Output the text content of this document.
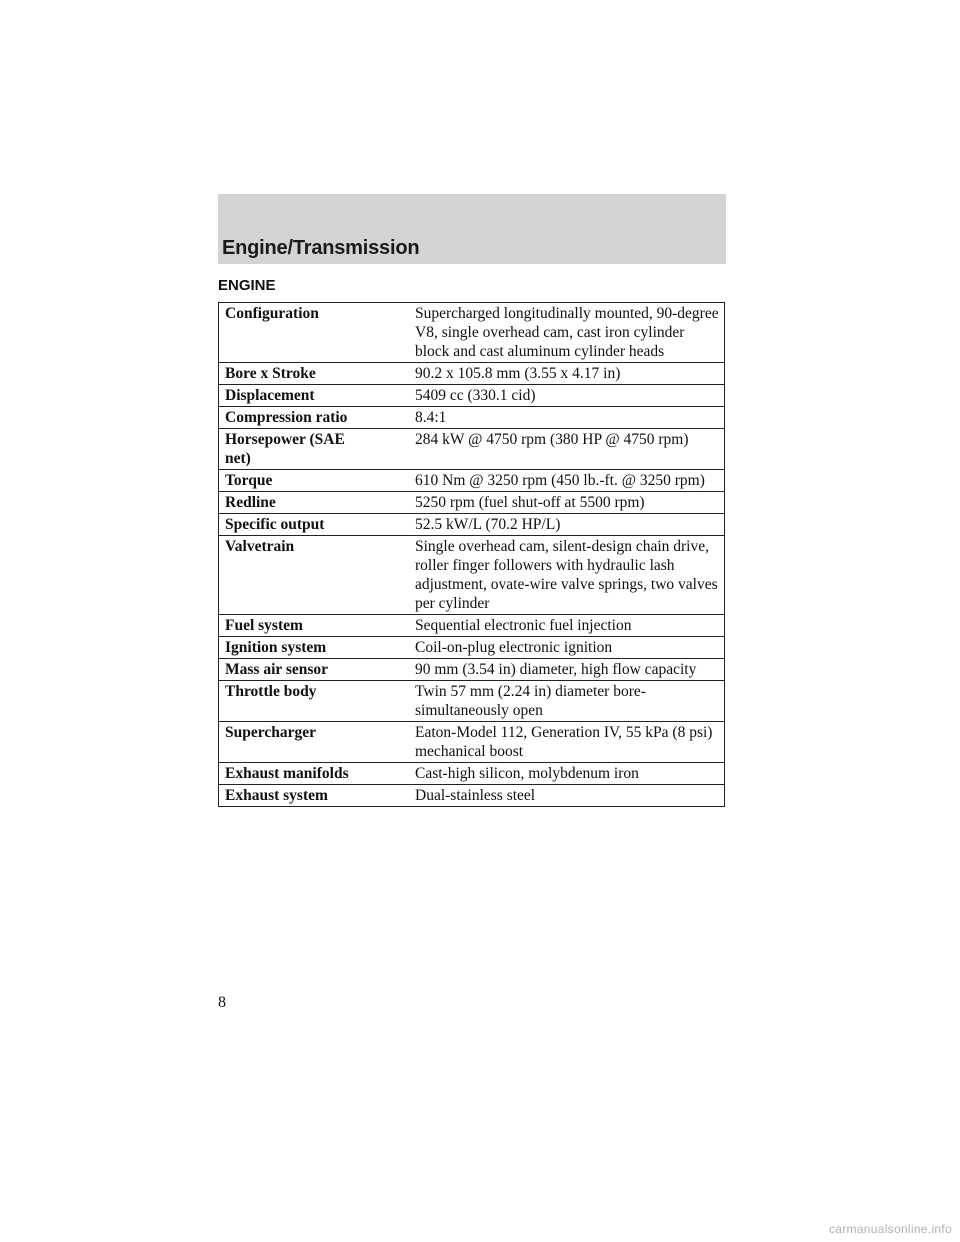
Engine/Transmission
ENGINE
Configuration	Supercharged longitudinally mounted, 90-degree V8, single overhead cam, cast iron cylinder block and cast aluminum cylinder heads
Bore x Stroke	90.2 x 105.8 mm (3.55 x 4.17 in)
Displacement	5409 cc (330.1 cid)
Compression ratio	8.4:1
Horsepower (SAE net)	284 kW @ 4750 rpm (380 HP @ 4750 rpm)
Torque	610 Nm @ 3250 rpm (450 lb.-ft. @ 3250 rpm)
Redline	5250 rpm (fuel shut-off at 5500 rpm)
Specific output	52.5 kW/L (70.2 HP/L)
Valvetrain	Single overhead cam, silent-design chain drive, roller finger followers with hydraulic lash adjustment, ovate-wire valve springs, two valves per cylinder
Fuel system	Sequential electronic fuel injection
Ignition system	Coil-on-plug electronic ignition
Mass air sensor	90 mm (3.54 in) diameter, high flow capacity
Throttle body	Twin 57 mm (2.24 in) diameter bore-simultaneously open
Supercharger	Eaton-Model 112, Generation IV, 55 kPa (8 psi) mechanical boost
Exhaust manifolds	Cast-high silicon, molybdenum iron
Exhaust system	Dual-stainless steel
8
carmanualsonline.info
